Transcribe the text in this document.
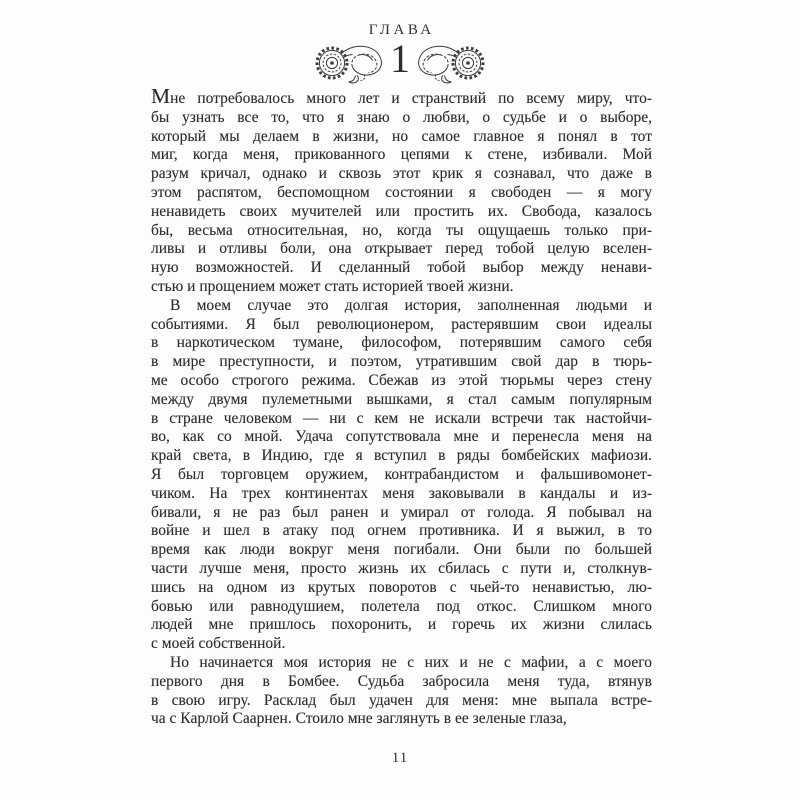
ГЛАВА
1
Мне потребовалось много лет и странствий по всему миру, что-
бы узнать все то, что я знаю о любви, о судьбе и о выборе,
который мы делаем в жизни, но самое главное я понял в тот
миг, когда меня, прикованного цепями к стене, избивали. Мой
разум кричал, однако и сквозь этот крик я сознавал, что даже в
этом распятом, беспомощном состоянии я свободен — я могу
ненавидеть своих мучителей или простить их. Свобода, казалось
бы, весьма относительная, но, когда ты ощущаешь только при-
ливы и отливы боли, она открывает перед тобой целую вселен-
ную возможностей. И сделанный тобой выбор между ненави-
стью и прощением может стать историей твоей жизни.
В моем случае это долгая история, заполненная людьми и
событиями. Я был революционером, растерявшим свои идеалы
в наркотическом тумане, философом, потерявшим самого себя
в мире преступности, и поэтом, утратившим свой дар в тюрь-
ме особо строгого режима. Сбежав из этой тюрьмы через стену
между двумя пулеметными вышками, я стал самым популярным
в стране человеком — ни с кем не искали встречи так настойчи-
во, как со мной. Удача сопутствовала мне и перенесла меня на
край света, в Индию, где я вступил в ряды бомбейских мафиози.
Я был торговцем оружием, контрабандистом и фальшивомонет-
чиком. На трех континентах меня заковывали в кандалы и из-
бивали, я не раз был ранен и умирал от голода. Я побывал на
войне и шел в атаку под огнем противника. И я выжил, в то
время как люди вокруг меня погибали. Они были по большей
части лучше меня, просто жизнь их сбилась с пути и, столкнув-
шись на одном из крутых поворотов с чьей-то ненавистью, лю-
бовью или равнодушием, полетела под откос. Слишком много
людей мне пришлось похоронить, и горечь их жизни слилась
с моей собственной.
Но начинается моя история не с них и не с мафии, а с моего
первого дня в Бомбее. Судьба забросила меня туда, втянув
в свою игру. Расклад был удачен для меня: мне выпала встре-
ча с Карлой Саарнен. Стоило мне заглянуть в ее зеленые глаза,
11
